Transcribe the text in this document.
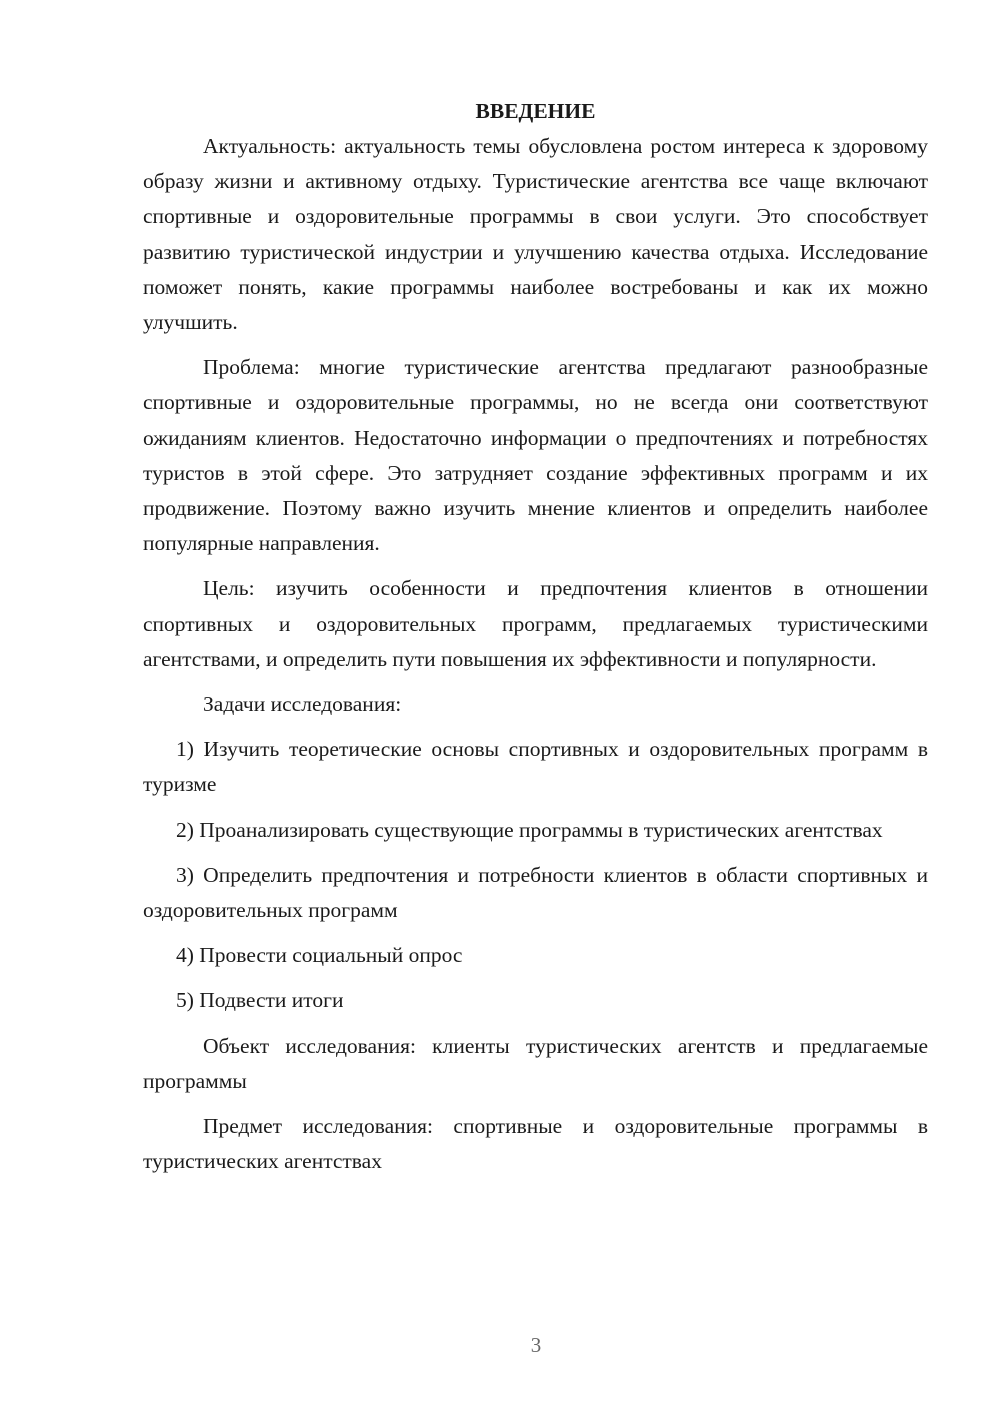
ВВЕДЕНИЕ

Актуальность: актуальность темы обусловлена ростом интереса к здоровому образу жизни и активному отдыху. Туристические агентства все чаще включают спортивные и оздоровительные программы в свои услуги. Это способствует развитию туристической индустрии и улучшению качества отдыха. Исследование поможет понять, какие программы наиболее востребованы и как их можно улучшить.

Проблема: многие туристические агентства предлагают разнообразные спортивные и оздоровительные программы, но не всегда они соответствуют ожиданиям клиентов. Недостаточно информации о предпочтениях и потребностях туристов в этой сфере. Это затрудняет создание эффективных программ и их продвижение. Поэтому важно изучить мнение клиентов и определить наиболее популярные направления.

Цель: изучить особенности и предпочтения клиентов в отношении спортивных и оздоровительных программ, предлагаемых туристическими агентствами, и определить пути повышения их эффективности и популярности.

Задачи исследования:

1) Изучить теоретические основы спортивных и оздоровительных программ в туризме

2) Проанализировать существующие программы в туристических агентствах

3) Определить предпочтения и потребности клиентов в области спортивных и оздоровительных программ

4) Провести социальный опрос

5) Подвести итоги

Объект исследования: клиенты туристических агентств и предлагаемые программы

Предмет исследования: спортивные и оздоровительные программы в туристических агентствах

3
